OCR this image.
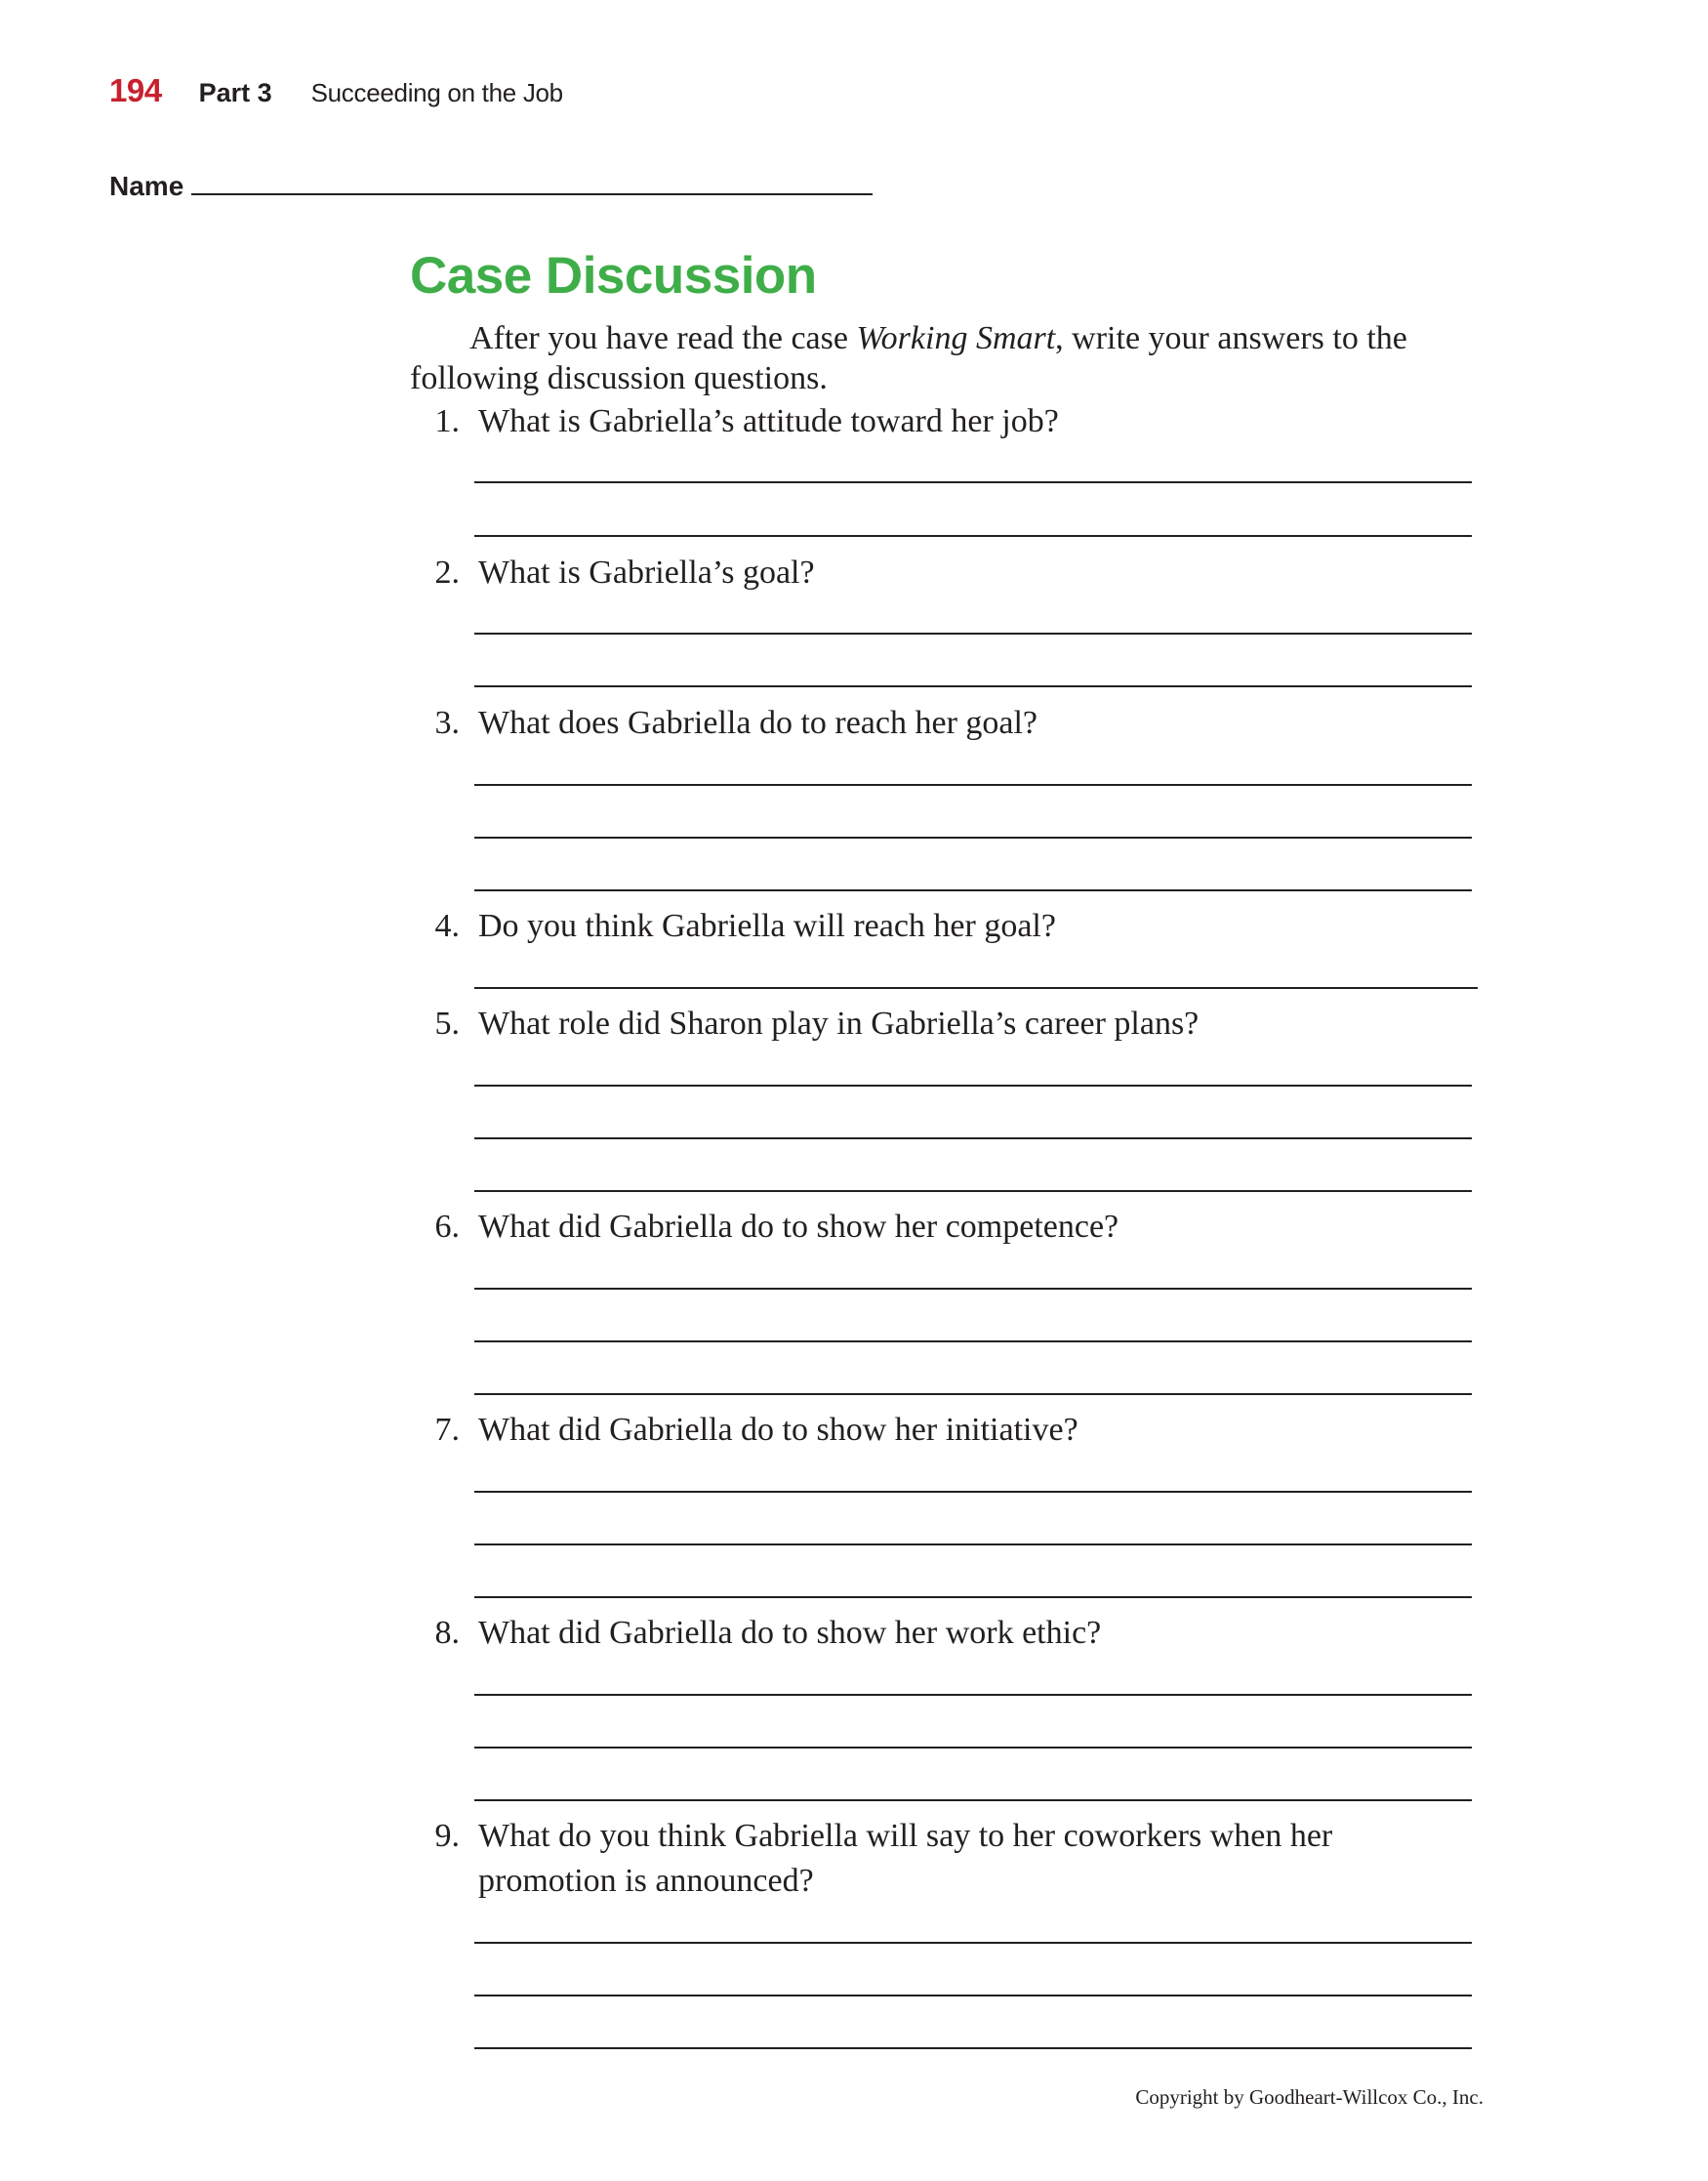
194 Part 3 Succeeding on the Job
Name
Case Discussion

After you have read the case Working Smart, write your answers to the following discussion questions.

1. What is Gabriella’s attitude toward her job?
2. What is Gabriella’s goal?
3. What does Gabriella do to reach her goal?
4. Do you think Gabriella will reach her goal?
5. What role did Sharon play in Gabriella’s career plans?
6. What did Gabriella do to show her competence?
7. What did Gabriella do to show her initiative?
8. What did Gabriella do to show her work ethic?
9. What do you think Gabriella will say to her coworkers when her promotion is announced?
Copyright by Goodheart-Willcox Co., Inc.
